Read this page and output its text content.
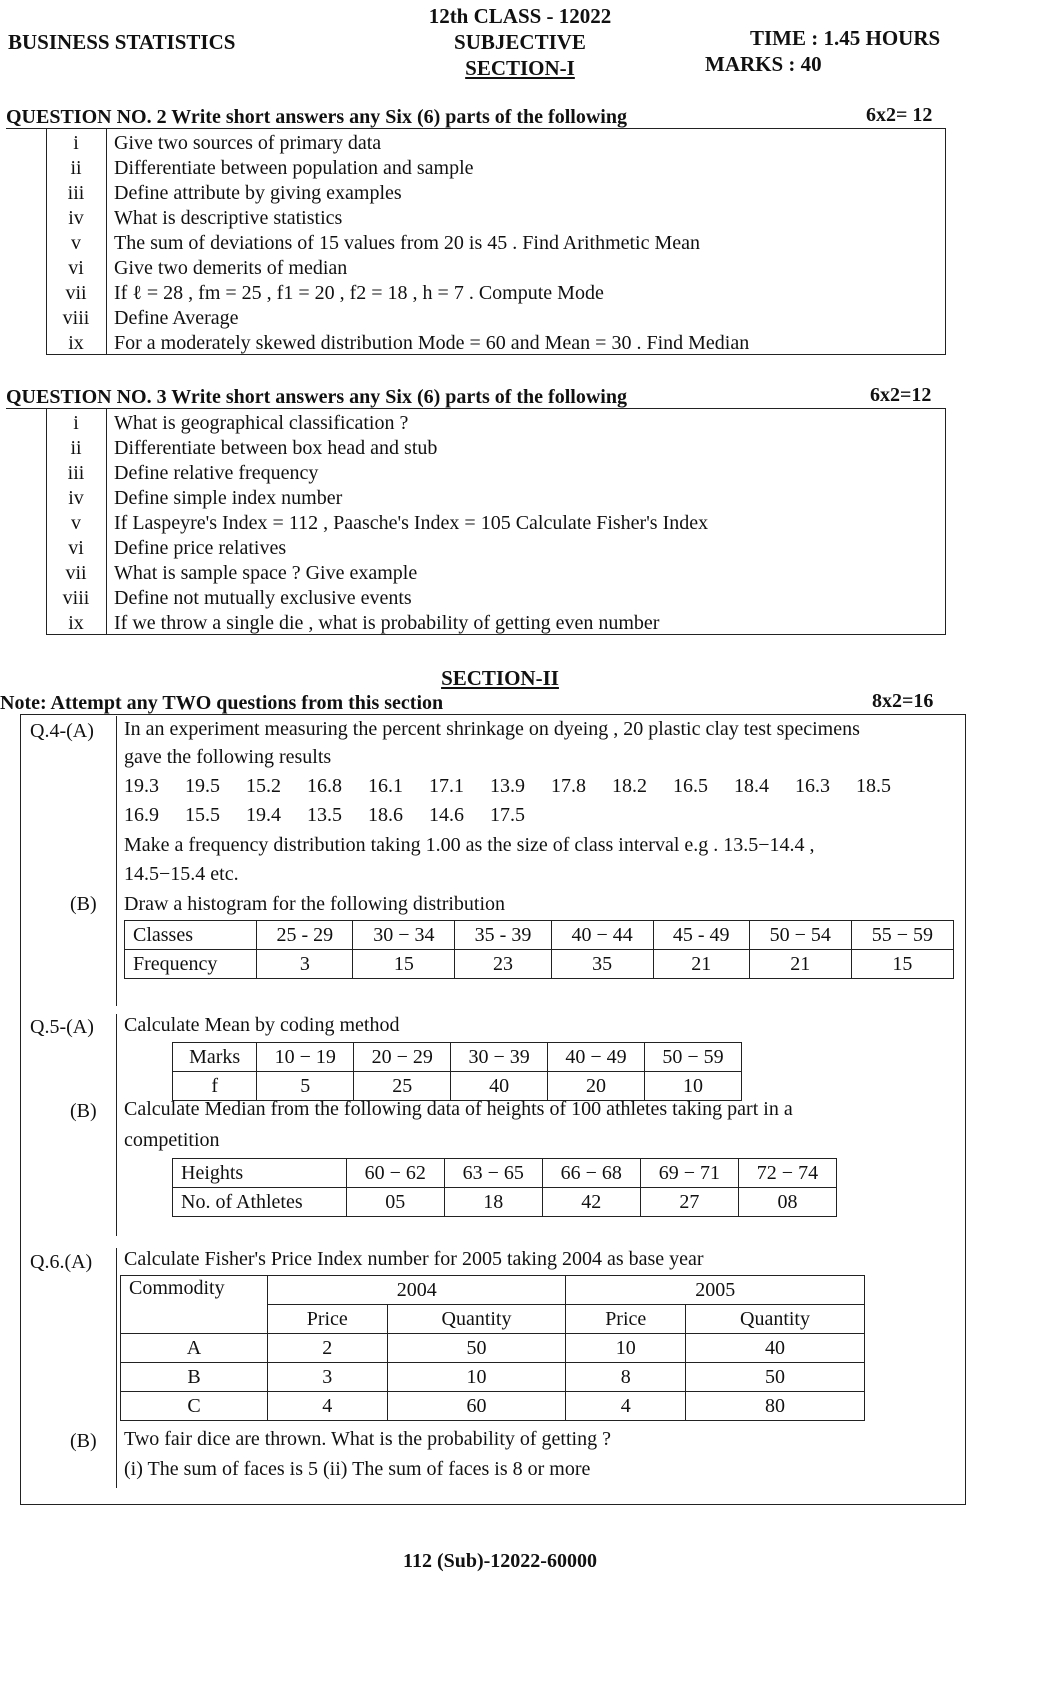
BUSINESS STATISTICS
12th CLASS - 12022
SUBJECTIVE
SECTION-I
TIME : 1.45 HOURS
MARKS : 40
QUESTION NO. 2 Write short answers any Six (6) parts of the following	6x2= 12
i	Give two sources of primary data
ii	Differentiate between population and sample
iii	Define attribute by giving examples
iv	What is descriptive statistics
v	The sum of deviations of 15 values from 20 is 45 . Find Arithmetic Mean
vi	Give two demerits of median
vii	If ℓ = 28 , fm = 25 , f1 = 20 , f2 = 18 , h = 7 . Compute Mode
viii	Define Average
ix	For a moderately skewed distribution Mode = 60 and Mean = 30 . Find Median
QUESTION NO. 3 Write short answers any Six (6) parts of the following	6x2=12
i	What is geographical classification ?
ii	Differentiate between box head and stub
iii	Define relative frequency
iv	Define simple index number
v	If Laspeyre's Index = 112 , Paasche's Index = 105 Calculate Fisher's Index
vi	Define price relatives
vii	What is sample space ? Give example
viii	Define not mutually exclusive events
ix	If we throw a single die , what is probability of getting even number
SECTION-II
Note: Attempt any TWO questions from this section	8x2=16
Q.4-(A) In an experiment measuring the percent shrinkage on dyeing , 20 plastic clay test specimens
gave the following results
19.3 19.5 15.2 16.8 16.1 17.1 13.9 17.8 18.2 16.5 18.4 16.3 18.5
16.9 15.5 19.4 13.5 18.6 14.6 17.5
Make a frequency distribution taking 1.00 as the size of class interval e.g . 13.5−14.4 ,
14.5−15.4 etc.
(B) Draw a histogram for the following distribution
Classes	25 - 29	30 − 34	35 - 39	40 − 44	45 - 49	50 − 54	55 − 59
Frequency	3	15	23	35	21	21	15
Q.5-(A) Calculate Mean by coding method
Marks	10 − 19	20 − 29	30 − 39	40 − 49	50 − 59
f	5	25	40	20	10
(B) Calculate Median from the following data of heights of 100 athletes taking part in a
competition
Heights	60 − 62	63 − 65	66 − 68	69 − 71	72 − 74
No. of Athletes	05	18	42	27	08
Q.6.(A) Calculate Fisher's Price Index number for 2005 taking 2004 as base year
Commodity	2004		2005	
	Price	Quantity	Price	Quantity
A	2	50	10	40
B	3	10	8	50
C	4	60	4	80
(B) Two fair dice are thrown. What is the probability of getting ?
(i) The sum of faces is 5 (ii) The sum of faces is 8 or more
112 (Sub)-12022-60000
